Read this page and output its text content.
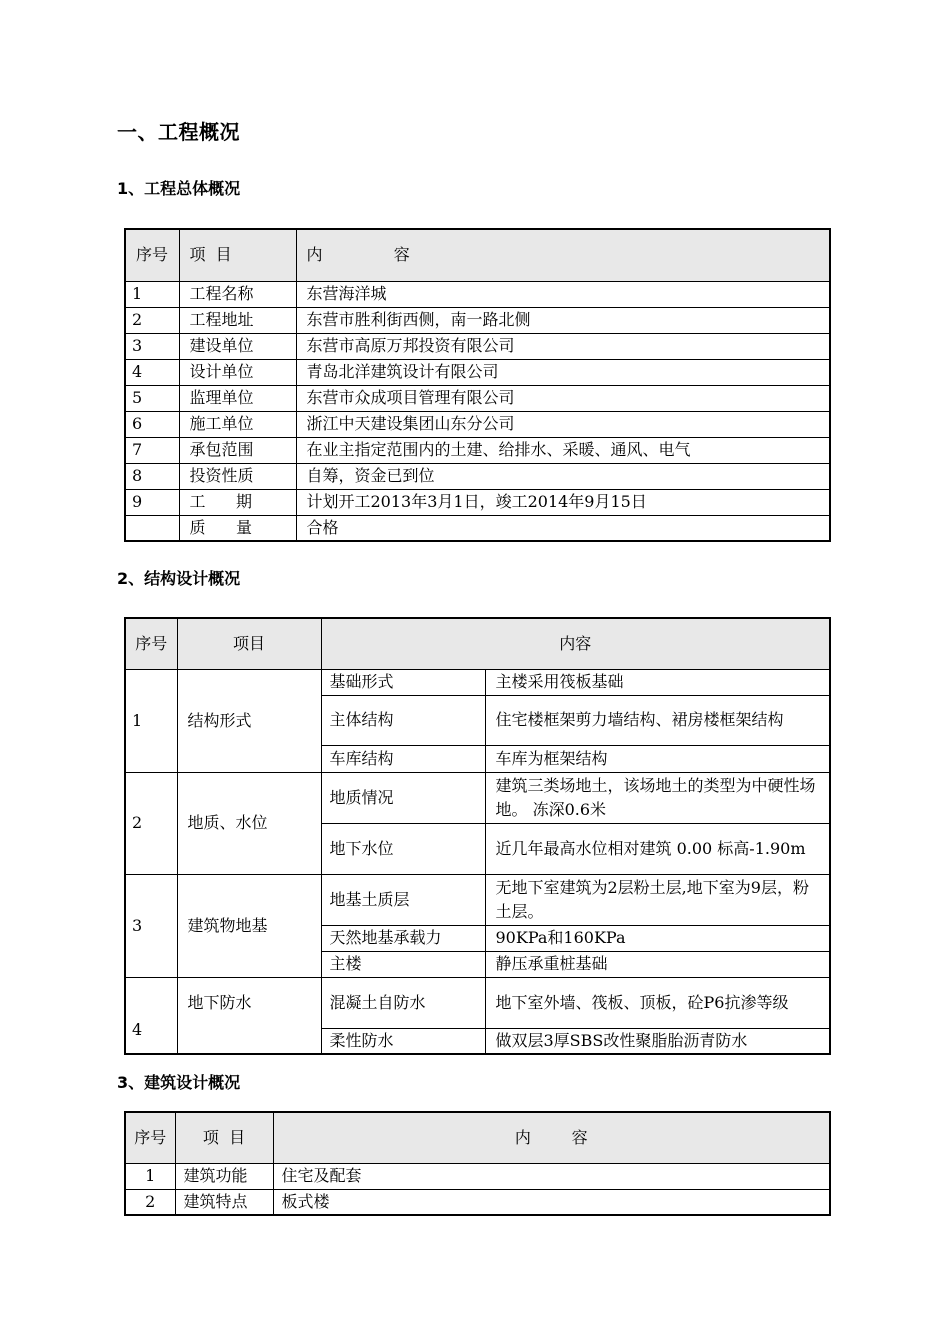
一、工程概况
1、工程总体概况
序号	项  目	内              容
1	工程名称	东营海洋城
2	工程地址	东营市胜利街西侧，南一路北侧
3	建设单位	东营市高原万邦投资有限公司
4	设计单位	青岛北洋建筑设计有限公司
5	监理单位	东营市众成项目管理有限公司
6	施工单位	浙江中天建设集团山东分公司
7	承包范围	在业主指定范围内的土建、给排水、采暖、通风、电气
8	投资性质	自筹，资金已到位
9	工      期	计划开工2013年3月1日，竣工2014年9月15日
	质      量	合格
2、结构设计概况
序号	项目	内容	
1	结构形式	基础形式	主楼采用筏板基础
		主体结构	住宅楼框架剪力墙结构、裙房楼框架结构
		车库结构	车库为框架结构
2	地质、水位	地质情况	建筑三类场地土，该场地土的类型为中硬性场地。 冻深0.6米
		地下水位	近几年最高水位相对建筑 0.00 标高-1.90m
3	建筑物地基	地基土质层	无地下室建筑为2层粉土层,地下室为9层，粉土层。
		天然地基承载力	90KPa和160KPa
		主楼	静压承重桩基础
4	地下防水	混凝土自防水	地下室外墙、筏板、顶板，砼P6抗渗等级
		柔性防水	做双层3厚SBS改性聚脂胎沥青防水
3、建筑设计概况
序号	项  目	内        容
1	建筑功能	住宅及配套
2	建筑特点	板式楼
